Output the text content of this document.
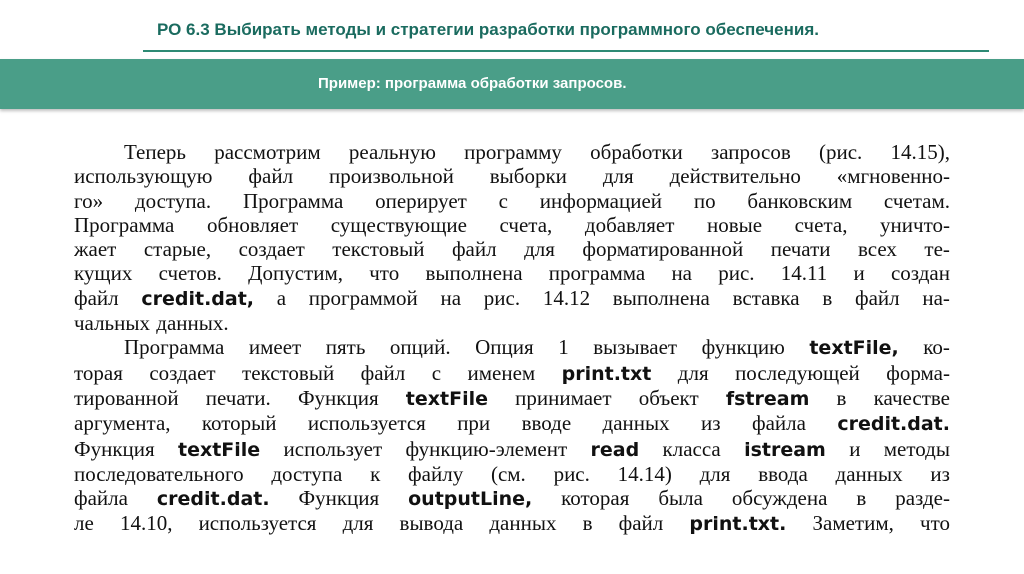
РО 6.3 Выбирать методы и стратегии разработки программного обеспечения.
Пример: программа обработки запросов.
Теперь рассмотрим реальную программу обработки запросов (рис. 14.15),
использующую файл произвольной выборки для действительно «мгновенно-
го» доступа. Программа оперирует с информацией по банковским счетам.
Программа обновляет существующие счета, добавляет новые счета, уничто-
жает старые, создает текстовый файл для форматированной печати всех те-
кущих счетов. Допустим, что выполнена программа на рис. 14.11 и создан
файл credit.dat, а программой на рис. 14.12 выполнена вставка в файл на-
чальных данных.
Программа имеет пять опций. Опция 1 вызывает функцию textFile, ко-
торая создает текстовый файл с именем print.txt для последующей форма-
тированной печати. Функция textFile принимает объект fstream в качестве
аргумента, который используется при вводе данных из файла credit.dat.
Функция textFile использует функцию-элемент read класса istream и методы
последовательного доступа к файлу (см. рис. 14.14) для ввода данных из
файла credit.dat. Функция outputLine, которая была обсуждена в разде-
ле 14.10, используется для вывода данных в файл print.txt. Заметим, что
